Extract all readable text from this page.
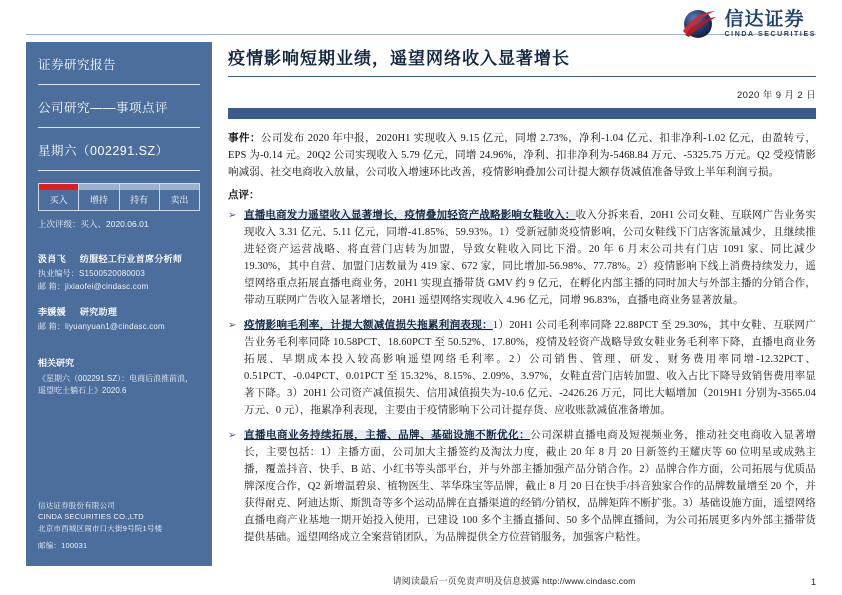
信达证券
CINDA SECURITIES
证券研究报告
公司研究——事项点评
星期六（002291.SZ）
买入	增持	持有	卖出
上次评级：买入、2020.06.01
汲肖飞 纺服轻工行业首席分析师
执业编号：S1500520080003
邮 箱：jixiaofei@cindasc.com
李媛媛 研究助理
邮 箱：liyuanyuan1@cindasc.com
相关研究
《星期六（002291.SZ）：电商后浪推前浪，遥望吃土躺石上》2020.6
信达证券股份有限公司
CINDA SECURITIES CO.,LTD
北京市西城区闹市口大街9号院1号楼
邮编：100031
疫情影响短期业绩，遥望网络收入显著增长
2020 年 9 月 2 日
事件：公司发布 2020 年中报，2020H1 实现收入 9.15 亿元，同增 2.73%，净利-1.04 亿元、扣非净利-1.02 亿元，由盈转亏，EPS 为-0.14 元。20Q2 公司实现收入 5.79 亿元，同增 24.96%，净利、扣非净利为-5468.84 万元、-5325.75 万元。Q2 受疫情影响减弱、社交电商收入放量，公司收入增速环比改善，疫情影响叠加公司计提大额存货减值准备导致上半年利润亏损。
点评：
➢ 直播电商发力遥望收入显著增长，疫情叠加轻资产战略影响女鞋收入：收入分拆来看，20H1 公司女鞋、互联网广告业务实现收入 3.31 亿元、5.11 亿元，同增-41.85%、59.93%。1）受新冠肺炎疫情影响，公司女鞋线下门店客流量减少，且继续推进轻资产运营战略、将直营门店转为加盟，导致女鞋收入同比下滑。20 年 6 月末公司共有门店 1091 家、同比减少 19.30%，其中自营、加盟门店数量为 419 家、672 家，同比增加-56.98%、77.78%。2）疫情影响下线上消费持续发力，遥望网络重点拓展直播电商业务，20H1 实现直播带货 GMV 约 9 亿元，在孵化内部主播的同时加大与外部主播的分销合作，带动互联网广告收入显著增长，20H1 遥望网络实现收入 4.96 亿元，同增 96.83%，直播电商业务显著放量。
➢ 疫情影响毛利率，计提大额减值损失拖累利润表现：1）20H1 公司毛利率同降 22.88PCT 至 29.30%，其中女鞋、互联网广告业务毛利率同降 10.58PCT、18.60PCT 至 50.52%、17.80%，疫情及轻资产战略导致女鞋业务毛利率下降，直播电商业务拓展、早期成本投入较高影响遥望网络毛利率。2）公司销售、管理、研发、财务费用率同增-12.32PCT、0.51PCT、-0.04PCT、0.01PCT 至 15.32%、8.15%、2.09%、3.97%，女鞋直营门店转加盟、收入占比下降导致销售费用率显著下降。3）20H1 公司资产减值损失、信用减值损失为-10.6 亿元、-2426.26 万元，同比大幅增加（2019H1 分别为-3565.04 万元、0 元），拖累净利表现，主要由于疫情影响下公司计提存货、应收账款减值准备增加。
➢ 直播电商业务持续拓展，主播、品牌、基础设施不断优化：公司深耕直播电商及短视频业务，推动社交电商收入显著增长，主要包括：1）主播方面，公司加大主播签约及淘汰力度，截止 20 年 8 月 20 日新签约王耀庆等 60 位明星或成熟主播，覆盖抖音、快手、B 站、小红书等头部平台，并与外部主播加强产品分销合作。2）品牌合作方面，公司拓展与优质品牌深度合作，Q2 新增温碧泉、植物医生、莘华珠宝等品牌，截止 8 月 20 日在快手/抖音独家合作的品牌数量增至 20 个，并获得耐克、阿迪达斯、斯凯奇等多个运动品牌在直播渠道的经销/分销权，品牌矩阵不断扩张。3）基础设施方面，遥望网络直播电商产业基地一期开始投入使用，已建设 100 多个主播直播间、50 多个品牌直播间，为公司拓展更多内外部主播带货提供基础。遥望网络成立全案营销团队，为品牌提供全方位营销服务，加强客户粘性。
请阅读最后一页免责声明及信息披露 http://www.cindasc.com	1
